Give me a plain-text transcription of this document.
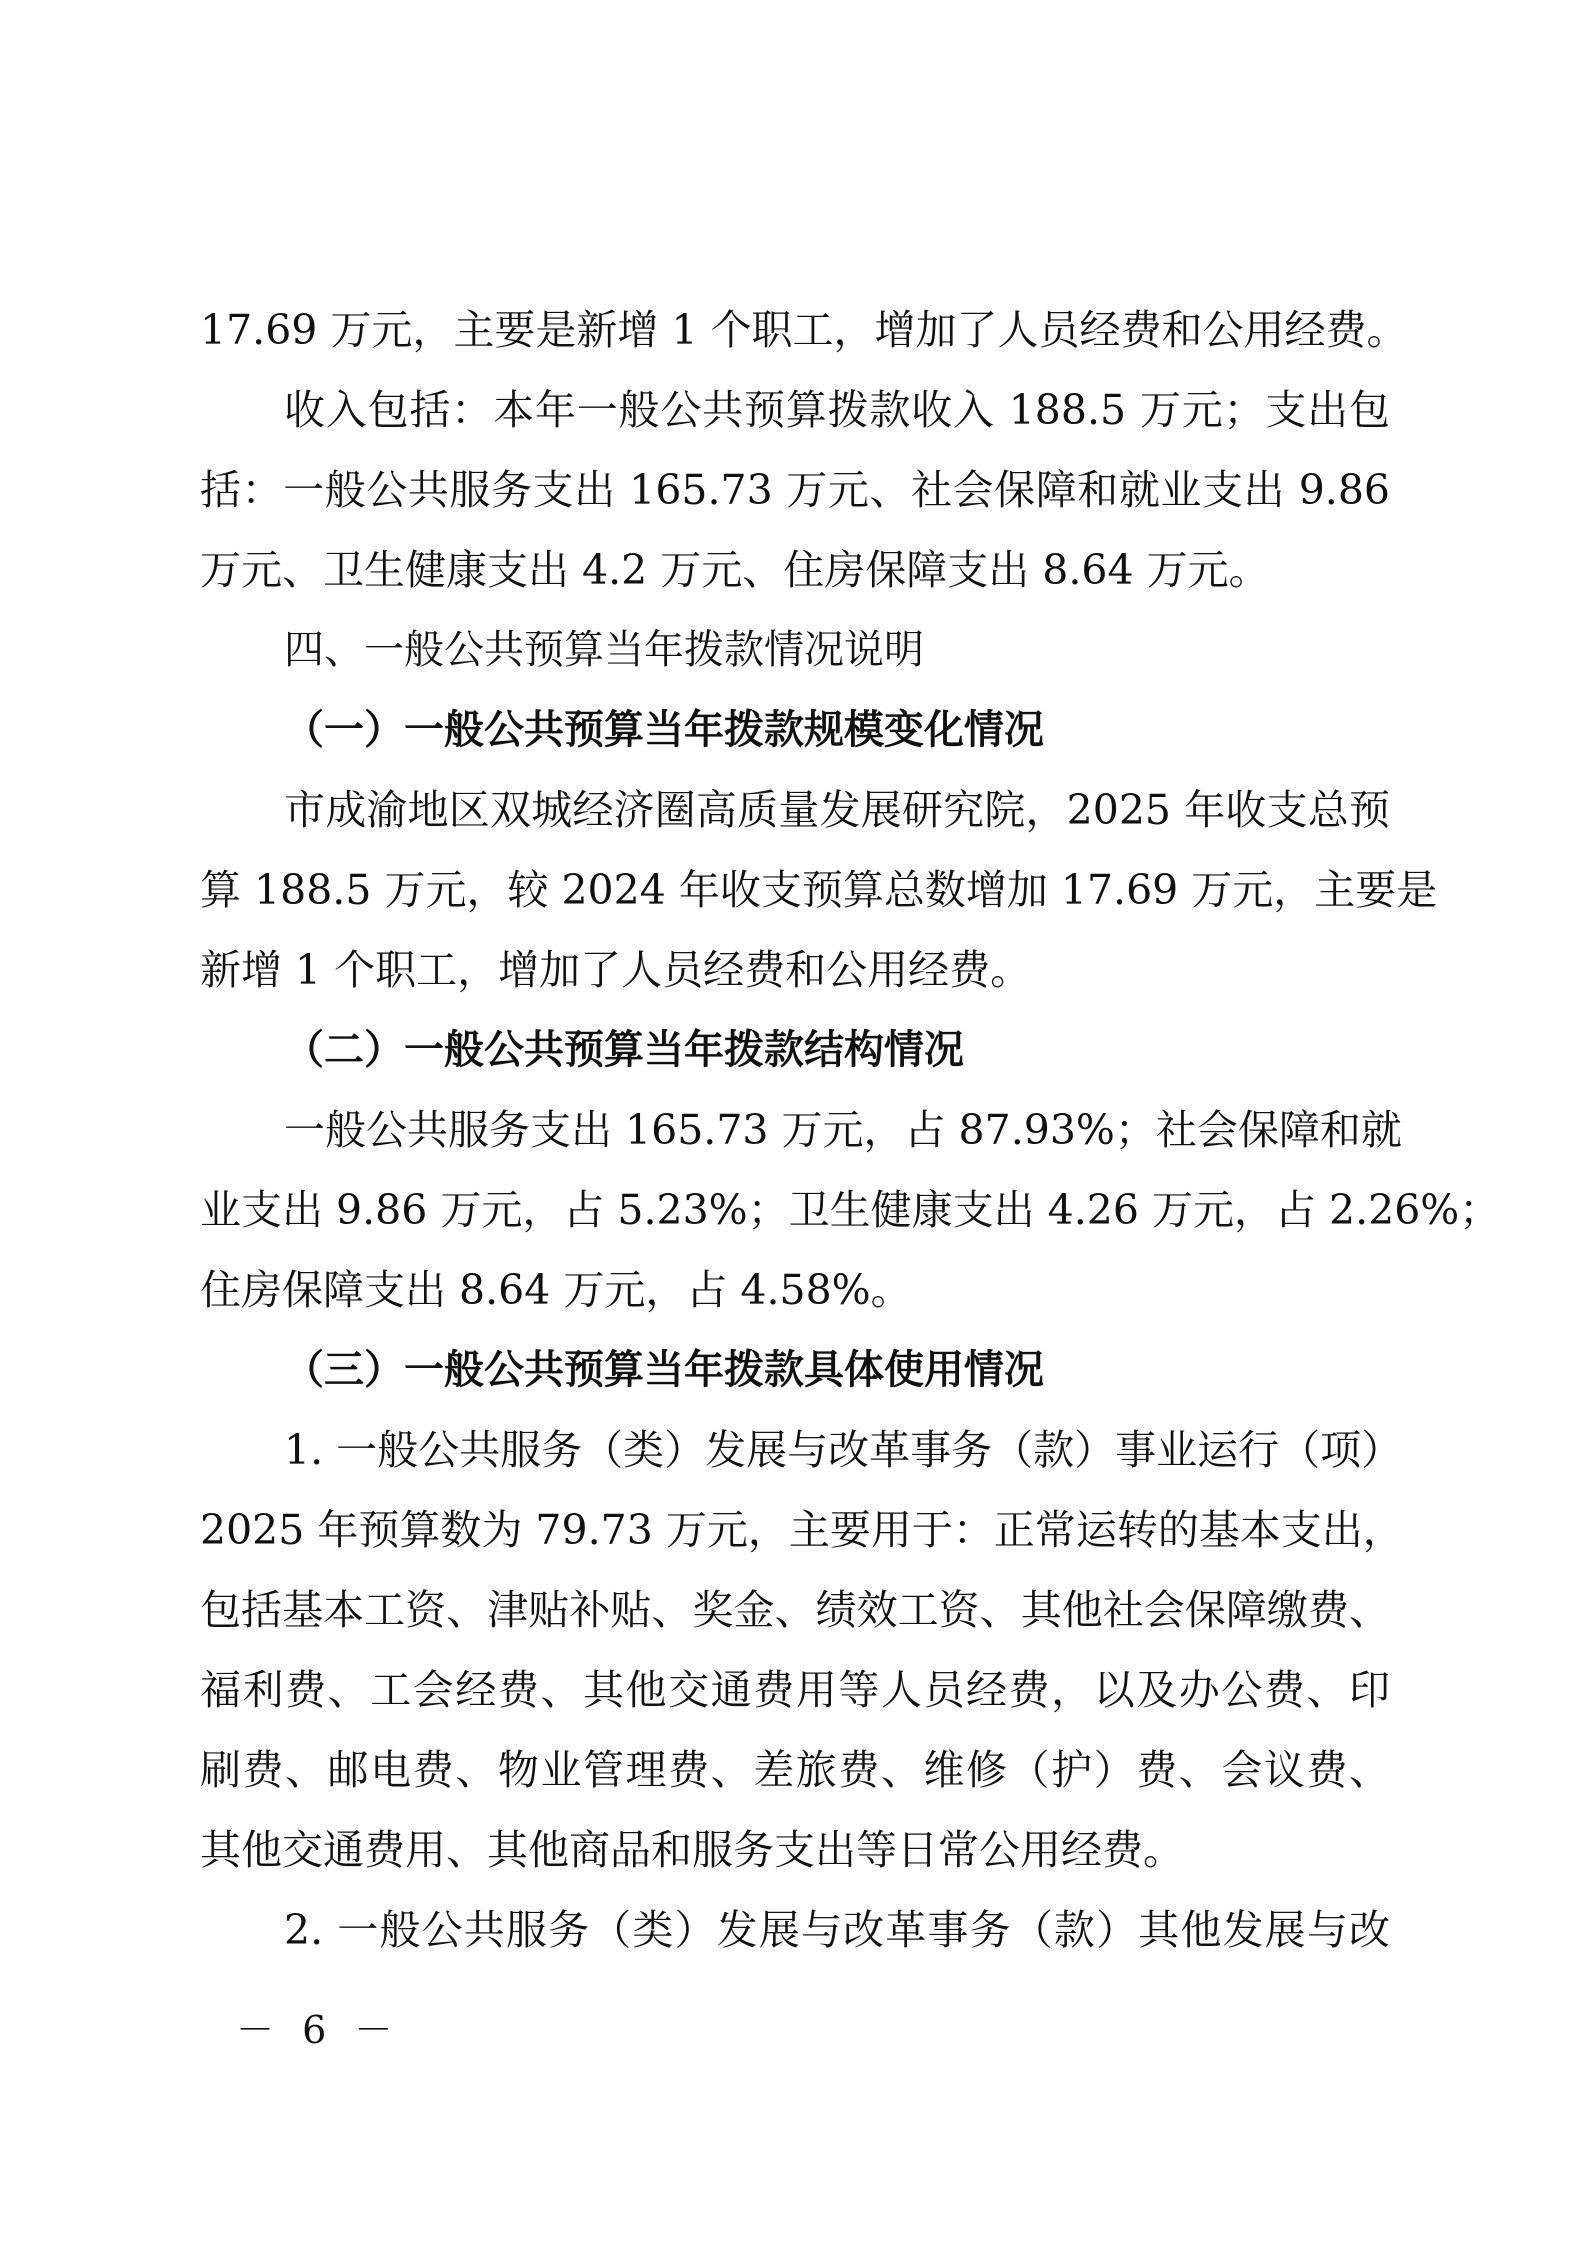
17.69 万元，主要是新增 1 个职工，增加了人员经费和公用经费。
收入包括：本年一般公共预算拨款收入 188.5 万元；支出包
括：一般公共服务支出 165.73 万元、社会保障和就业支出 9.86
万元、卫生健康支出 4.2 万元、住房保障支出 8.64 万元。
四、一般公共预算当年拨款情况说明
（一）一般公共预算当年拨款规模变化情况
市成渝地区双城经济圈高质量发展研究院，2025 年收支总预
算 188.5 万元，较 2024 年收支预算总数增加 17.69 万元，主要是
新增 1 个职工，增加了人员经费和公用经费。
（二）一般公共预算当年拨款结构情况
一般公共服务支出 165.73 万元，占 87.93%；社会保障和就
业支出 9.86 万元，占 5.23%；卫生健康支出 4.26 万元，占 2.26%；
住房保障支出 8.64 万元，占 4.58%。
（三）一般公共预算当年拨款具体使用情况
1. 一般公共服务（类）发展与改革事务（款）事业运行（项）
2025 年预算数为 79.73 万元，主要用于：正常运转的基本支出，
包括基本工资、津贴补贴、奖金、绩效工资、其他社会保障缴费、
福利费、工会经费、其他交通费用等人员经费，以及办公费、印
刷费、邮电费、物业管理费、差旅费、维修（护）费、会议费、
其他交通费用、其他商品和服务支出等日常公用经费。
2. 一般公共服务（类）发展与改革事务（款）其他发展与改
－ 6 －
